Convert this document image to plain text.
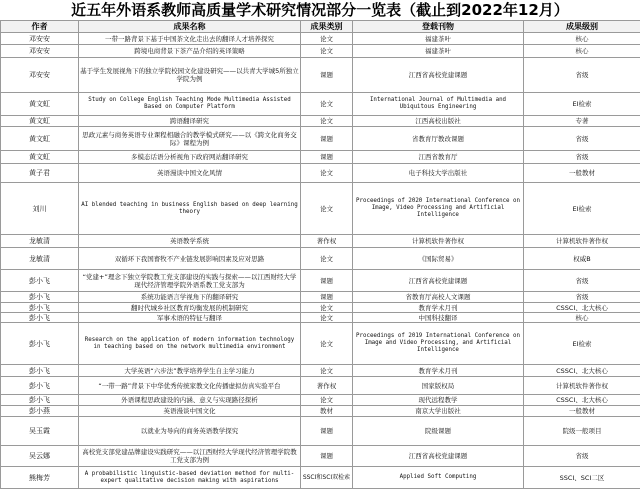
近五年外语系教师高质量学术研究情况部分一览表（截止到2022年12月）
作者	成果名称	成果类别	登载刊物	成果级别
邓安安	一带一路背景下基于中国茶文化走出去的翻译人才培养探究	论文	福建茶叶	核心
邓安安	跨境电商背景下茶产品介绍的英译策略	论文	福建茶叶	核心
邓安安	基于学生发展视角下的独立学院校园文化建设研究——以共青大学城5所独立学院为例	课题	江西省高校党建课题	省级
黄文虹	Study on College English Teaching Mode Multimedia Assisted Based on Computer Platform	论文	International Journal of Multimedia and Ubiquitous Engineering	EI检索
黄文虹	跨语翻译研究	论文	江西高校出版社	专著
黄文虹	思政元素与商务英语专业课程相融合的教学模式研究——以《跨文化商务交际》课程为例	课题	省教育厅教改课题	省级
黄文虹	多模态话语分析视角下政府网站翻译研究	课题	江西省教育厅	省级
黄子君	英语漫谈中国文化风情	论文	电子科技大学出版社	一般教材
刘川	AI blended teaching in business English based on deep learning theory	论文	Proceedings of 2020 International Conference on Image, Video Processing and Artificial Intelligence	EI检索
龙敏清	英语教学系统	著作权	计算机软件著作权	计算机软件著作权
龙敏清	双循环下我国畜牧不产业链发展影响因素及应对思路	论文	《国际贸易》	权威B
彭小飞	“党建+”理念下独立学院教工党支部建设的实践与探索——以江西财经大学现代经济管理学院外语系教工党支部为	课题	江西省高校党建课题	省级
彭小飞	系统功能语言学视角下的翻译研究	课题	省教育厅高校人文课题	省级
彭小飞	翻时代城乡社区教育均衡发展的机制研究	论文	教育学术月刊	CSSCI、北大核心
彭小飞	军事术语的特征与翻译	论文	中国科技翻译	核心
彭小飞	Research on the application of modern information technology in teaching based on the network multimedia environment	论文	Proceedings of 2019 International Conference on Image and Video Processing, and Artificial Intelligence	EI检索
彭小飞	大学英语“六步法”教学培养学生自主学习能力	论文	教育学术月刊	CSSCI、北大核心
彭小飞	“一带一路”背景下中华优秀传统家教文化传播虚拟仿真实验平台	著作权	国家版权局	计算机软件著作权
彭小飞	外语课程思政建设的内涵、意义与实现路径探析	论文	现代远程教学	CSSCI、北大核心
彭小燕	英语漫谈中国文化	教材	南京大学出版社	一般教材
吴玉霞	以就业为导向的商务英语教学探究	课题	院级课题	院级一般项目
吴云娜	高校党支部党建品牌建设实践研究——以江西财经大学现代经济管理学院教工党支部为例	课题	江西省高校党建课题	省级
熊梅芳	A probabilistic linguistic-based deviation method for multi-expert qualitative decision making with aspirations	SSCI和SCI双检索	Applied Soft Computing	SSCI、SCI二区
